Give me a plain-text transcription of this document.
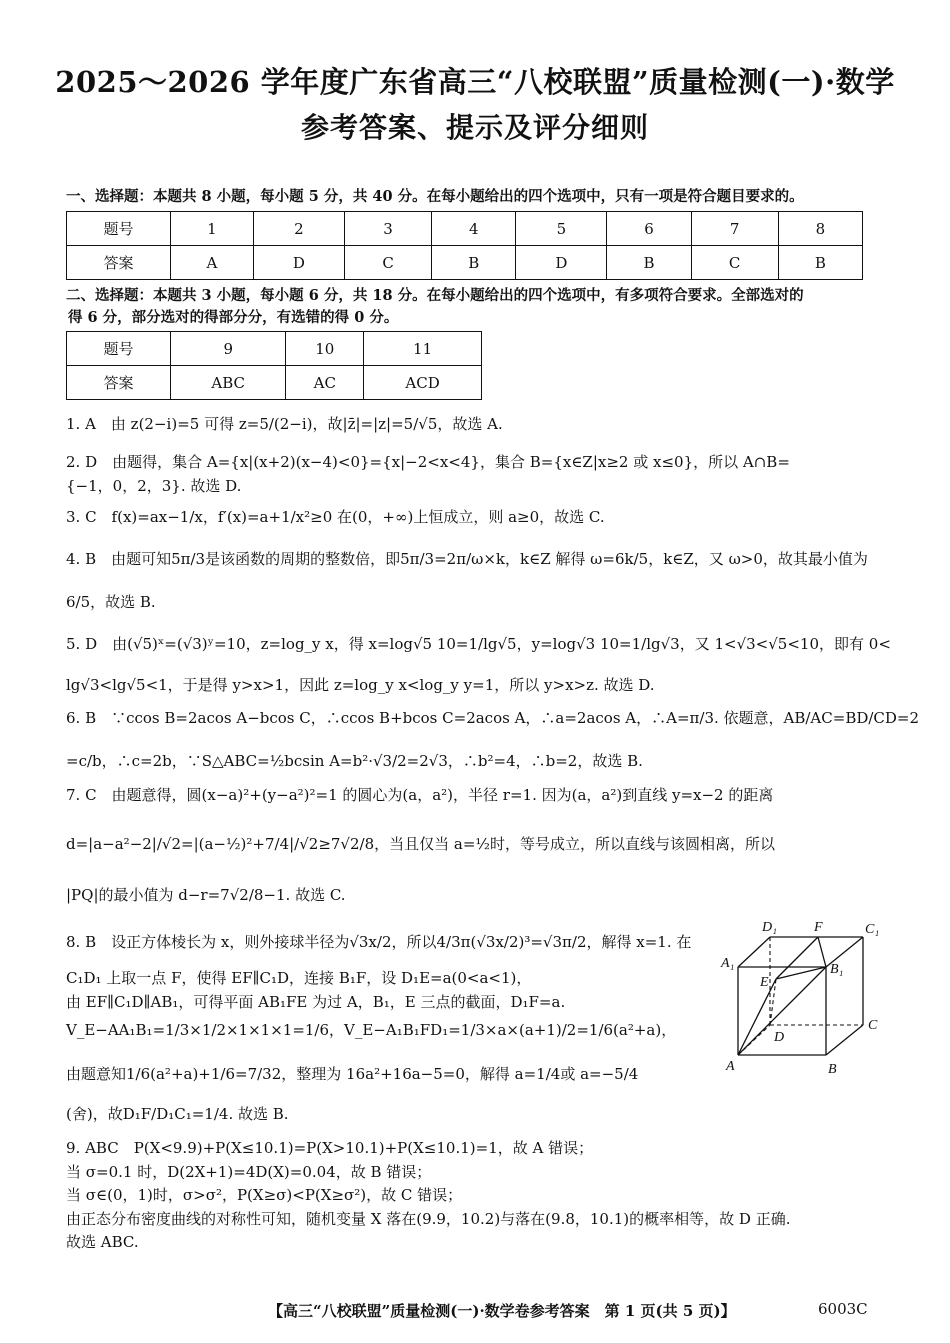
2025～2026 学年度广东省高三“八校联盟”质量检测(一)·数学
参考答案、提示及评分细则
一、选择题：本题共 8 小题，每小题 5 分，共 40 分。在每小题给出的四个选项中，只有一项是符合题目要求的。
题号	1	2	3	4	5	6	7	8
答案	A	D	C	B	D	B	C	B
二、选择题：本题共 3 小题，每小题 6 分，共 18 分。在每小题给出的四个选项中，有多项符合要求。全部选对的
得 6 分，部分选对的得部分分，有选错的得 0 分。
题号	9	10	11
答案	ABC	AC	ACD
1. A　由 z(2−i)=5 可得 z=5/(2−i)，故|z̄|=|z|=5/√5，故选 A.
2. D　由题得，集合 A={x|(x+2)(x−4)<0}={x|−2<x<4}，集合 B={x∈Z|x≥2 或 x≤0}，所以 A∩B=
{−1，0，2，3}. 故选 D.
3. C　f(x)=ax−1/x，f′(x)=a+1/x²≥0 在(0，+∞)上恒成立，则 a≥0，故选 C.
4. B　由题可知5π/3是该函数的周期的整数倍，即5π/3=2π/ω×k，k∈Z 解得 ω=6k/5，k∈Z，又 ω>0，故其最小值为
6/5，故选 B.
5. D　由(√5)ˣ=(√3)ʸ=10，z=log_y x，得 x=log√5 10=1/lg√5，y=log√3 10=1/lg√3，又 1<√3<√5<10，即有 0<
lg√3<lg√5<1，于是得 y>x>1，因此 z=log_y x<log_y y=1，所以 y>x>z. 故选 D.
6. B　∵ccos B=2acos A−bcos C，∴ccos B+bcos C=2acos A，∴a=2acos A，∴A=π/3. 依题意，AB/AC=BD/CD=2
=c/b，∴c=2b，∵S△ABC=½bcsin A=b²·√3/2=2√3，∴b²=4，∴b=2，故选 B.
7. C　由题意得，圆(x−a)²+(y−a²)²=1 的圆心为(a，a²)，半径 r=1. 因为(a，a²)到直线 y=x−2 的距离
d=|a−a²−2|/√2=|(a−½)²+7/4|/√2≥7√2/8，当且仅当 a=½时，等号成立，所以直线与该圆相离，所以
|PQ|的最小值为 d−r=7√2/8−1. 故选 C.
8. B　设正方体棱长为 x，则外接球半径为√3x/2，所以4/3π(√3x/2)³=√3π/2，解得 x=1. 在
C₁D₁ 上取一点 F，使得 EF∥C₁D，连接 B₁F，设 D₁E=a(0<a<1)，
由 EF∥C₁D∥AB₁，可得平面 AB₁FE 为过 A，B₁，E 三点的截面，D₁F=a.
V_E−AA₁B₁=1/3×1/2×1×1×1=1/6，V_E−A₁B₁FD₁=1/3×a×(a+1)/2=1/6(a²+a)，
由题意知1/6(a²+a)+1/6=7/32，整理为 16a²+16a−5=0，解得 a=1/4或 a=−5/4
(舍)，故D₁F/D₁C₁=1/4. 故选 B.
D₁	F	C₁
A₁
E
B₁
D
C
A	B
9. ABC　P(X<9.9)+P(X≤10.1)=P(X>10.1)+P(X≤10.1)=1，故 A 错误；
当 σ=0.1 时，D(2X+1)=4D(X)=0.04，故 B 错误；
当 σ∈(0，1)时，σ>σ²，P(X≥σ)<P(X≥σ²)，故 C 错误；
由正态分布密度曲线的对称性可知，随机变量 X 落在(9.9，10.2)与落在(9.8，10.1)的概率相等，故 D 正确.
故选 ABC.
【高三“八校联盟”质量检测(一)·数学卷参考答案　第 1 页(共 5 页)】	6003C
